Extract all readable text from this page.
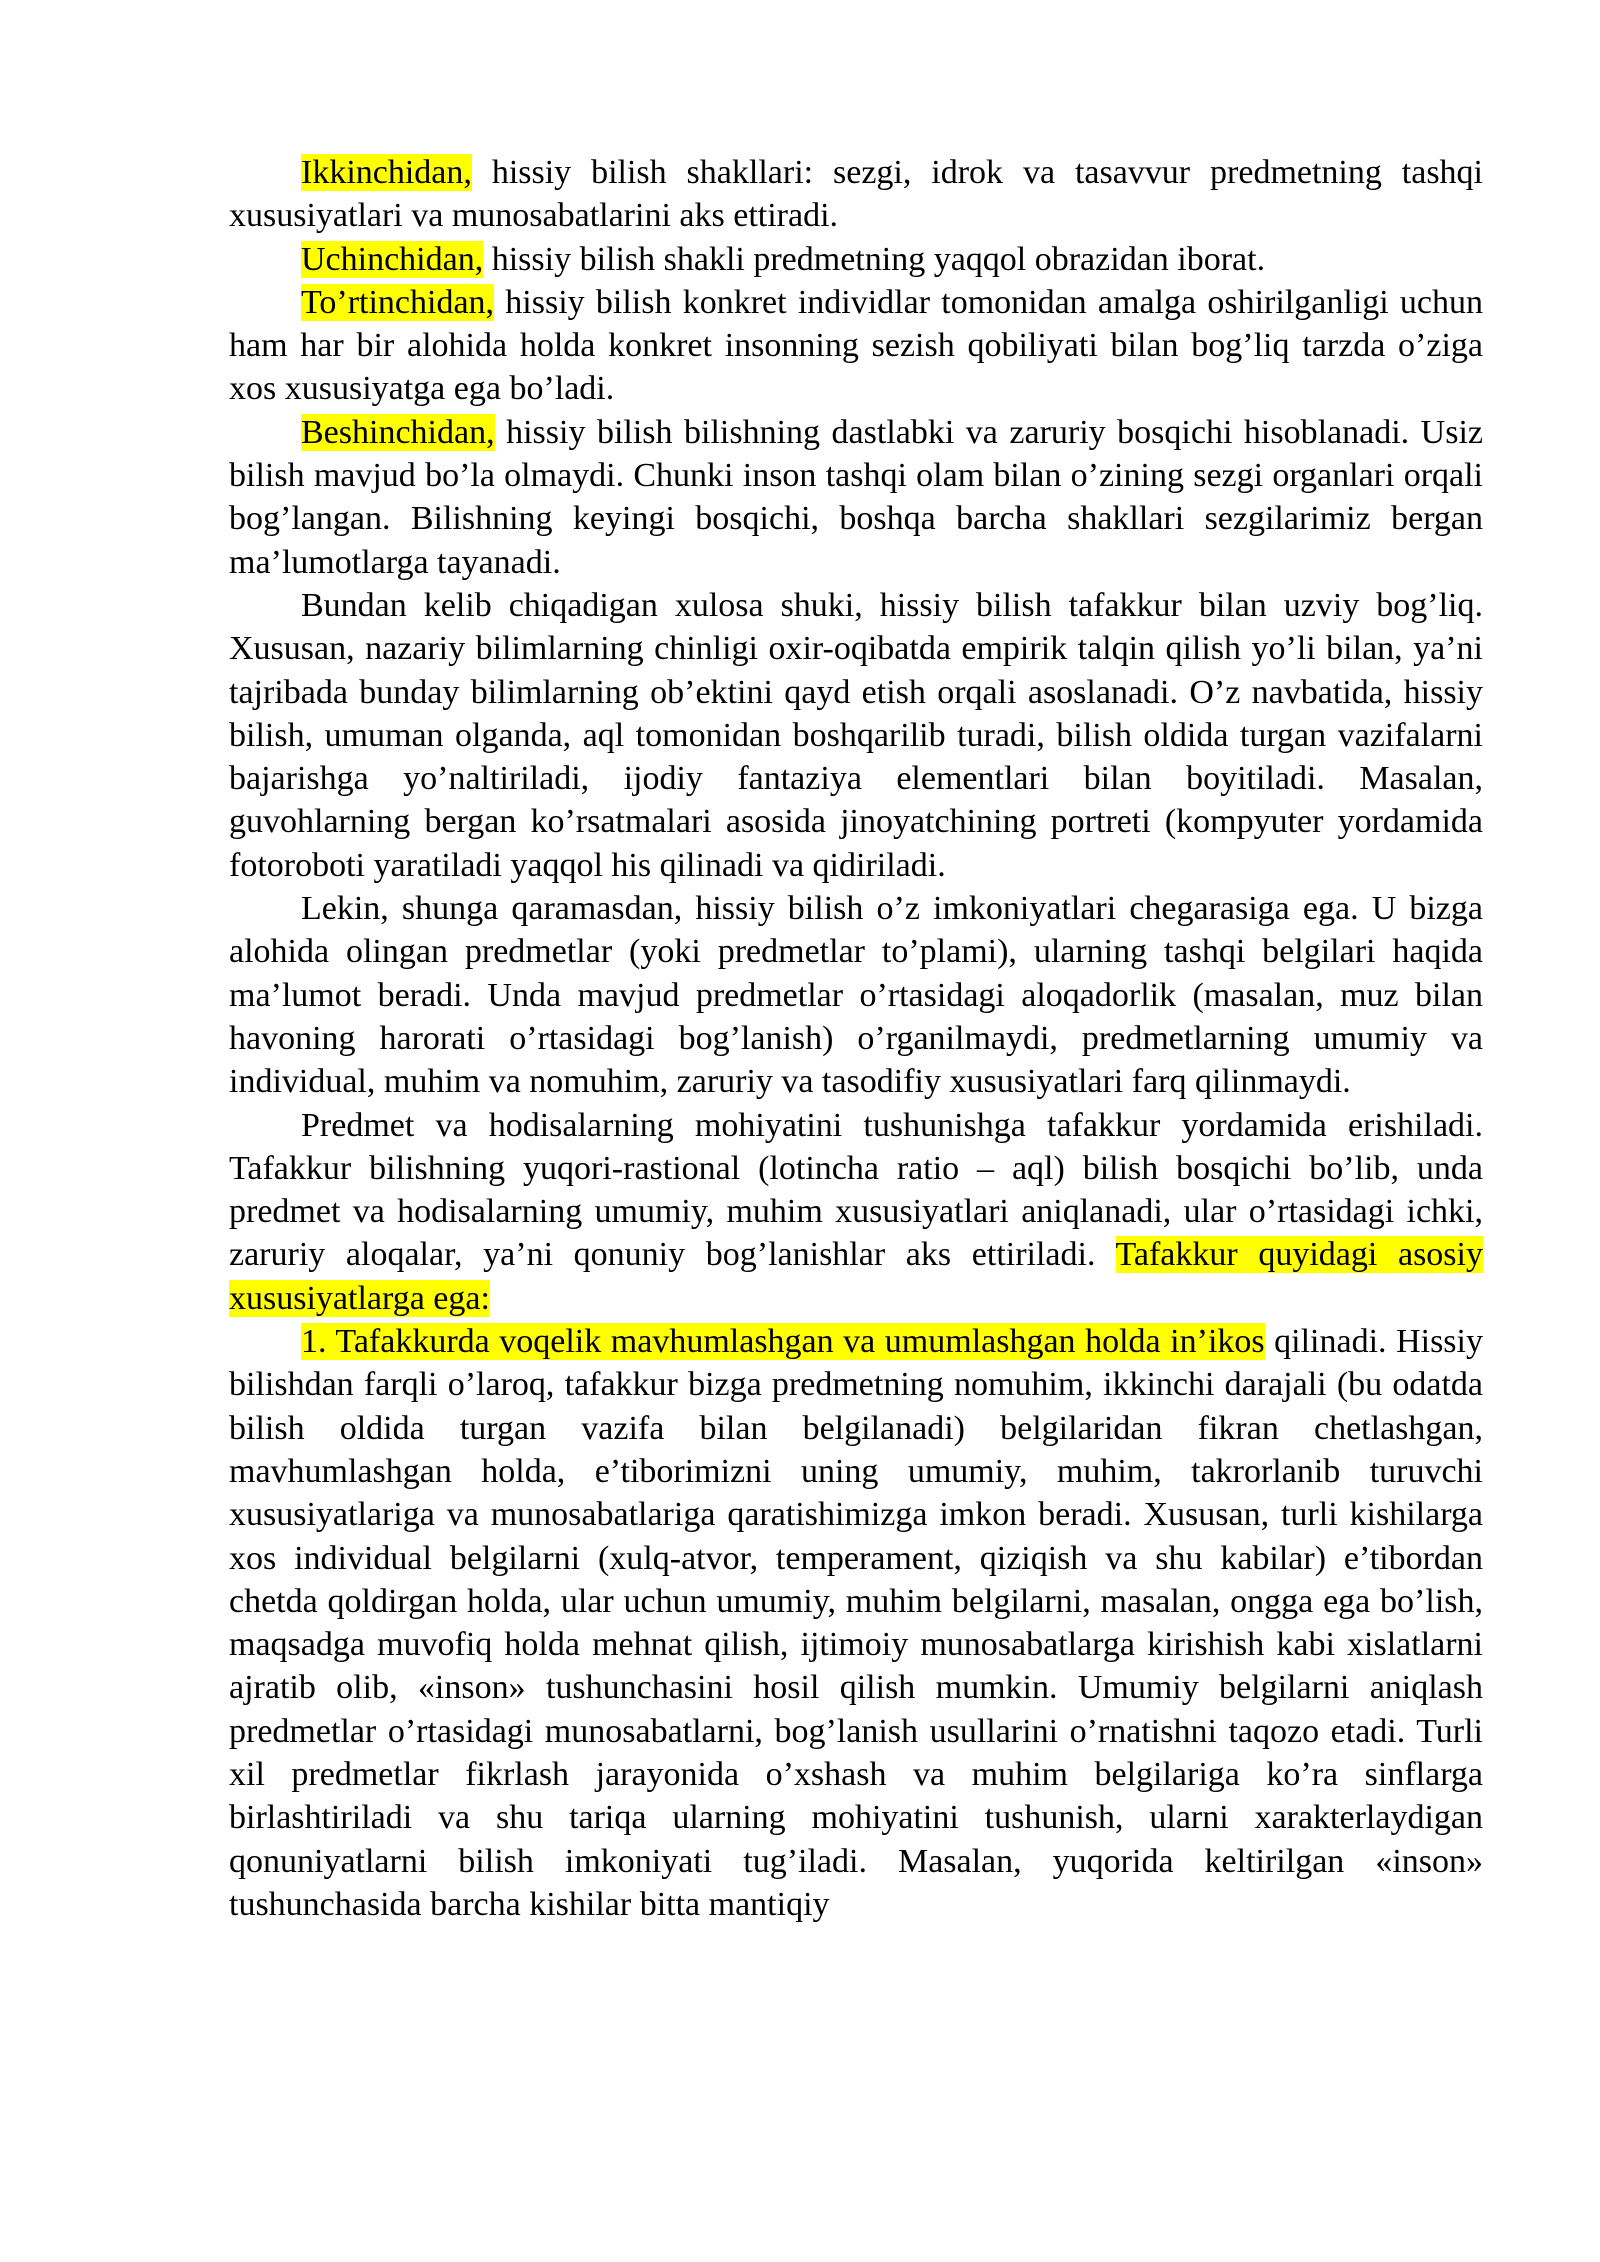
Ikkinchidan, hissiy bilish shakllari: sezgi, idrok va tasavvur predmetning tashqi xususiyatlari va munosabatlarini aks ettiradi.

Uchinchidan, hissiy bilish shakli predmetning yaqqol obrazidan iborat.

To’rtinchidan, hissiy bilish konkret individlar tomonidan amalga oshirilganligi uchun ham har bir alohida holda konkret insonning sezish qobiliyati bilan bog’liq tarzda o’ziga xos xususiyatga ega bo’ladi.

Beshinchidan, hissiy bilish bilishning dastlabki va zaruriy bosqichi hisoblanadi. Usiz bilish mavjud bo’la olmaydi. Chunki inson tashqi olam bilan o’zining sezgi organlari orqali bog’langan. Bilishning keyingi bosqichi, boshqa barcha shakllari sezgilarimiz bergan ma’lumotlarga tayanadi.

Bundan kelib chiqadigan xulosa shuki, hissiy bilish tafakkur bilan uzviy bog’liq. Xususan, nazariy bilimlarning chinligi oxir-oqibatda empirik talqin qilish yo’li bilan, ya’ni tajribada bunday bilimlarning ob’ektini qayd etish orqali asoslanadi. O’z navbatida, hissiy bilish, umuman olganda, aql tomonidan boshqarilib turadi, bilish oldida turgan vazifalarni bajarishga yo’naltiriladi, ijodiy fantaziya elementlari bilan boyitiladi. Masalan, guvohlarning bergan ko’rsatmalari asosida jinoyatchining portreti (kompyuter yordamida fotoroboti yaratiladi yaqqol his qilinadi va qidiriladi.

Lekin, shunga qaramasdan, hissiy bilish o’z imkoniyatlari chegarasiga ega. U bizga alohida olingan predmetlar (yoki predmetlar to’plami), ularning tashqi belgilari haqida ma’lumot beradi. Unda mavjud predmetlar o’rtasidagi aloqadorlik (masalan, muz bilan havoning harorati o’rtasidagi bog’lanish) o’rganilmaydi, predmetlarning umumiy va individual, muhim va nomuhim, zaruriy va tasodifiy xususiyatlari farq qilinmaydi.

Predmet va hodisalarning mohiyatini tushunishga tafakkur yordamida erishiladi. Tafakkur bilishning yuqori-rastional (lotincha ratio – aql) bilish bosqichi bo’lib, unda predmet va hodisalarning umumiy, muhim xususiyatlari aniqlanadi, ular o’rtasidagi ichki, zaruriy aloqalar, ya’ni qonuniy bog’lanishlar aks ettiriladi. Tafakkur quyidagi asosiy xususiyatlarga ega:

1. Tafakkurda voqelik mavhumlashgan va umumlashgan holda in’ikos qilinadi. Hissiy bilishdan farqli o’laroq, tafakkur bizga predmetning nomuhim, ikkinchi darajali (bu odatda bilish oldida turgan vazifa bilan belgilanadi) belgilaridan fikran chetlashgan, mavhumlashgan holda, e’tiborimizni uning umumiy, muhim, takrorlanib turuvchi xususiyatlariga va munosabatlariga qaratishimizga imkon beradi. Xususan, turli kishilarga xos individual belgilarni (xulq-atvor, temperament, qiziqish va shu kabilar) e’tibordan chetda qoldirgan holda, ular uchun umumiy, muhim belgilarni, masalan, ongga ega bo’lish, maqsadga muvofiq holda mehnat qilish, ijtimoiy munosabatlarga kirishish kabi xislatlarni ajratib olib, «inson» tushunchasini hosil qilish mumkin. Umumiy belgilarni aniqlash predmetlar o’rtasidagi munosabatlarni, bog’lanish usullarini o’rnatishni taqozo etadi. Turli xil predmetlar fikrlash jarayonida o’xshash va muhim belgilariga ko’ra sinflarga birlashtiriladi va shu tariqa ularning mohiyatini tushunish, ularni xarakterlaydigan qonuniyatlarni bilish imkoniyati tug’iladi. Masalan, yuqorida keltirilgan «inson» tushunchasida barcha kishilar bitta mantiqiy
